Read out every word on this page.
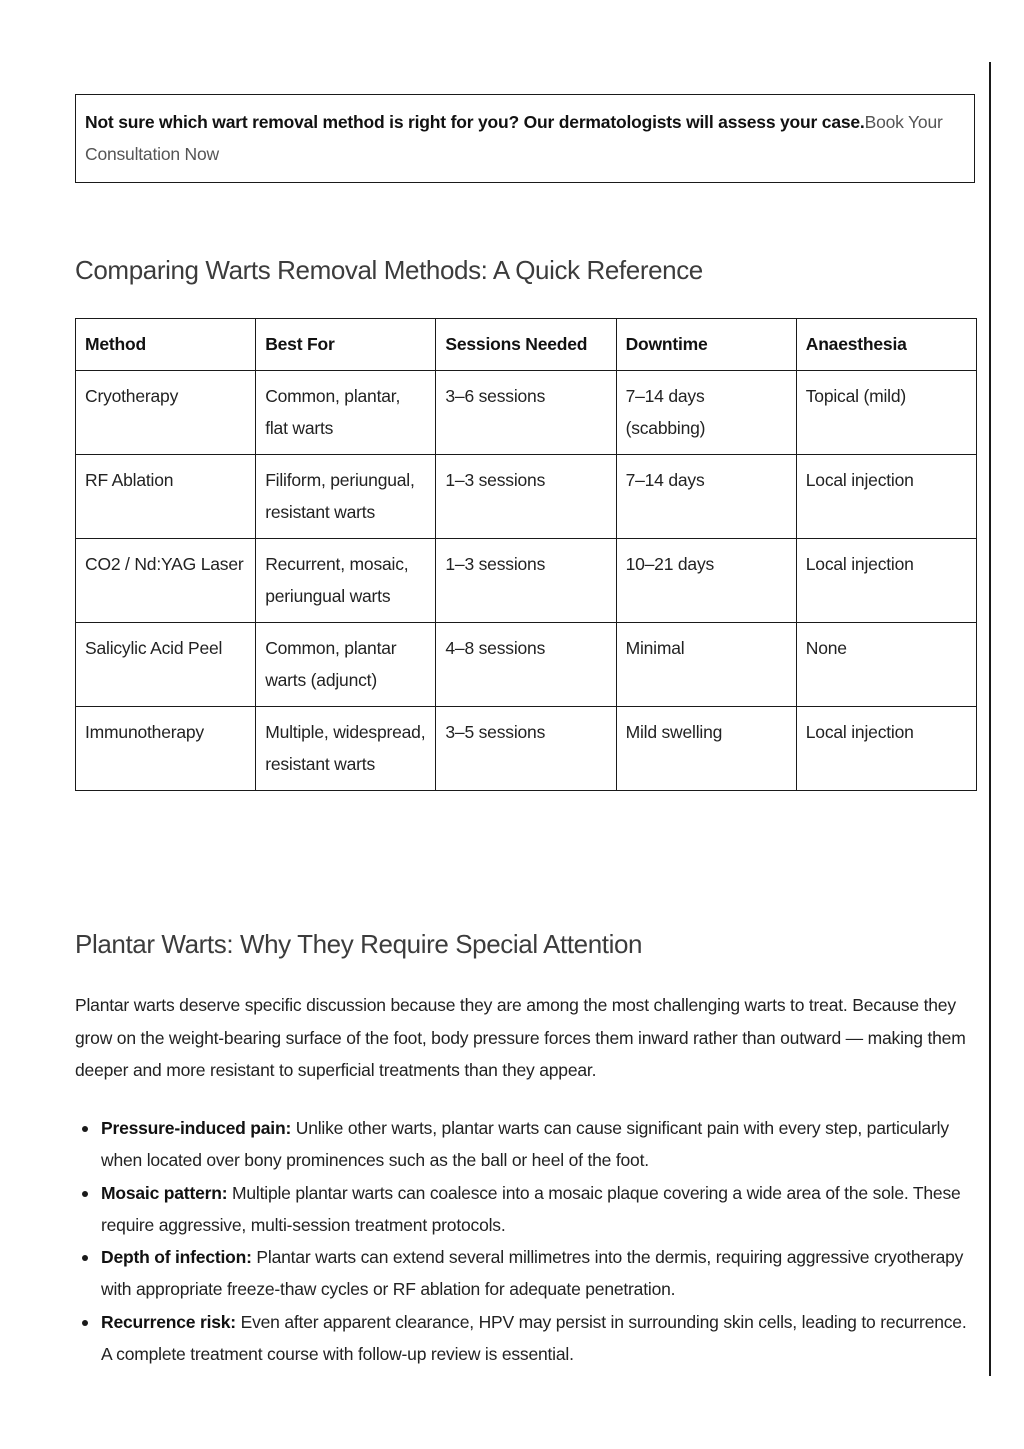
Not sure which wart removal method is right for you? Our dermatologists will assess your case.Book Your Consultation Now
Comparing Warts Removal Methods: A Quick Reference
Method	Best For	Sessions Needed	Downtime	Anaesthesia
Cryotherapy	Common, plantar, flat warts	3–6 sessions	7–14 days (scabbing)	Topical (mild)
RF Ablation	Filiform, periungual, resistant warts	1–3 sessions	7–14 days	Local injection
CO2 / Nd:YAG Laser	Recurrent, mosaic, periungual warts	1–3 sessions	10–21 days	Local injection
Salicylic Acid Peel	Common, plantar warts (adjunct)	4–8 sessions	Minimal	None
Immunotherapy	Multiple, widespread, resistant warts	3–5 sessions	Mild swelling	Local injection
Plantar Warts: Why They Require Special Attention

Plantar warts deserve specific discussion because they are among the most challenging warts to treat. Because they grow on the weight-bearing surface of the foot, body pressure forces them inward rather than outward — making them deeper and more resistant to superficial treatments than they appear.

Pressure-induced pain: Unlike other warts, plantar warts can cause significant pain with every step, particularly when located over bony prominences such as the ball or heel of the foot.
Mosaic pattern: Multiple plantar warts can coalesce into a mosaic plaque covering a wide area of the sole. These require aggressive, multi-session treatment protocols.
Depth of infection: Plantar warts can extend several millimetres into the dermis, requiring aggressive cryotherapy with appropriate freeze-thaw cycles or RF ablation for adequate penetration.
Recurrence risk: Even after apparent clearance, HPV may persist in surrounding skin cells, leading to recurrence. A complete treatment course with follow-up review is essential.
